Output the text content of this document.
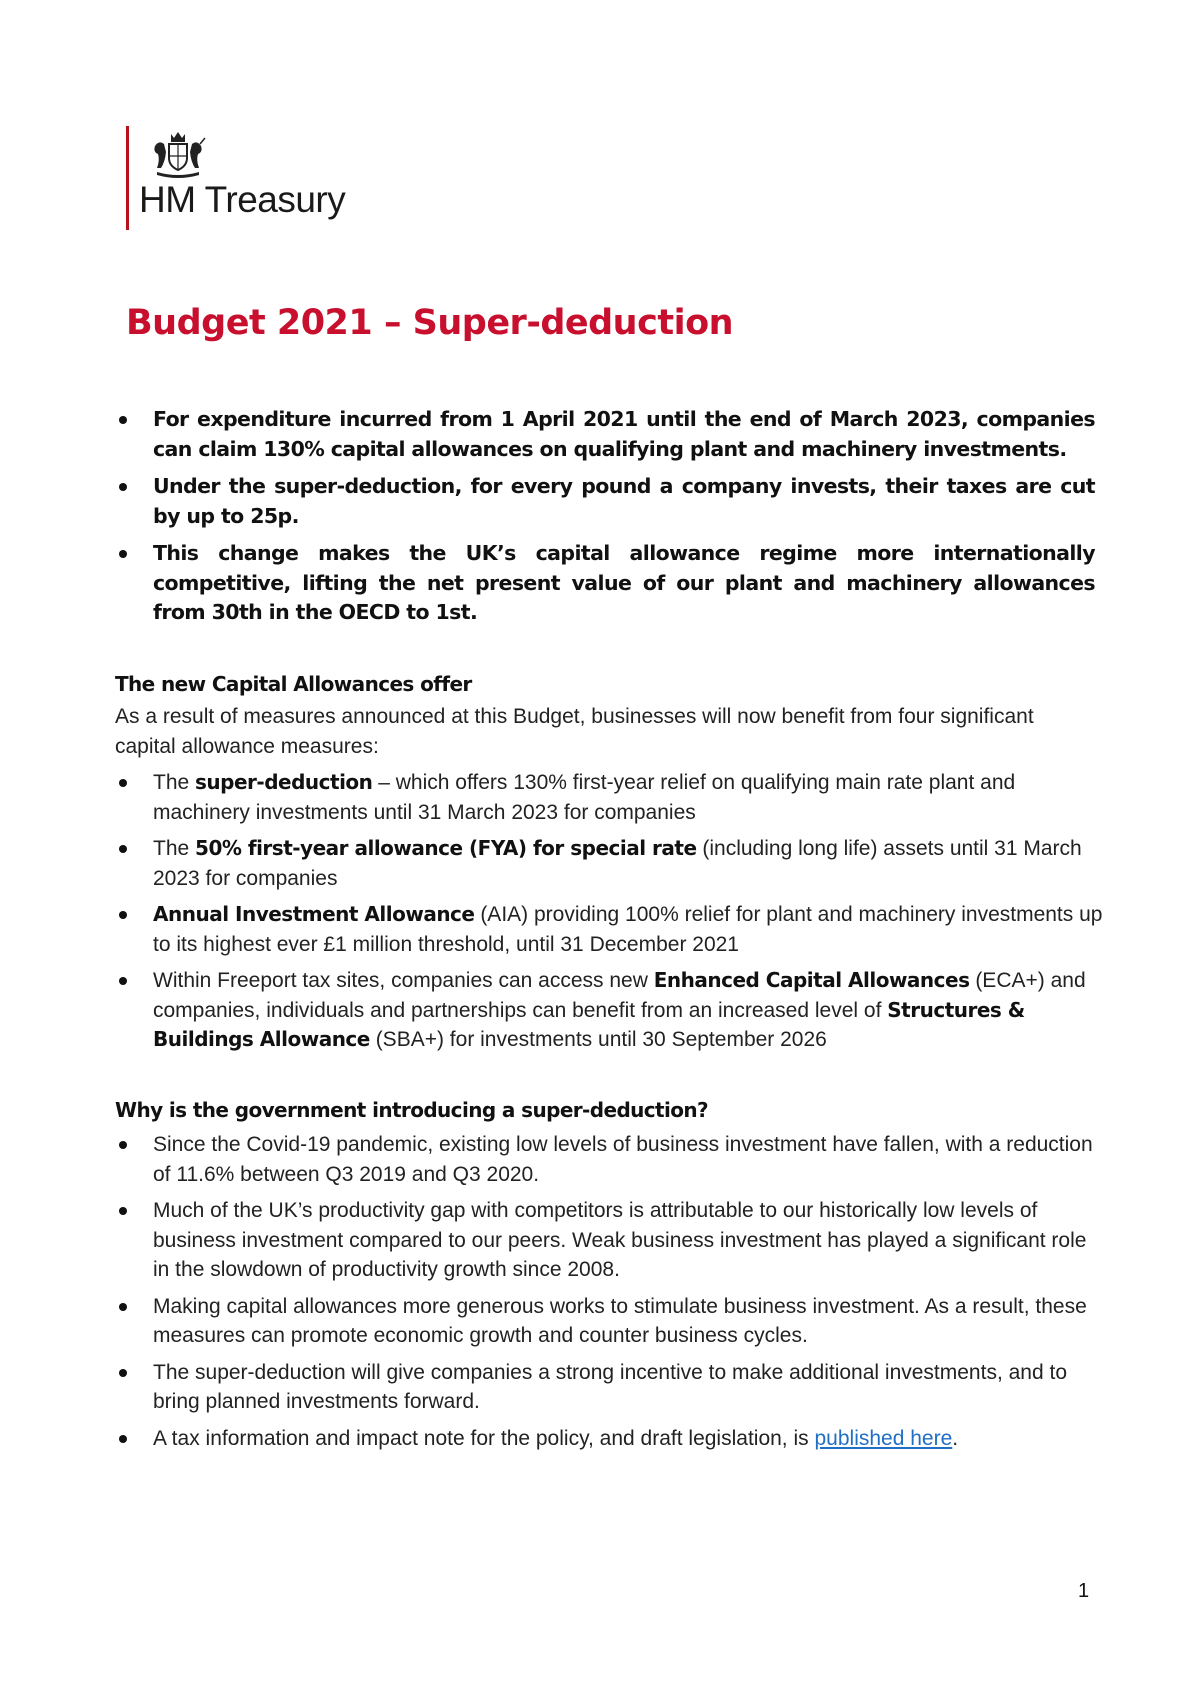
HM Treasury
Budget 2021 – Super-deduction
For expenditure incurred from 1 April 2021 until the end of March 2023, companies can claim 130% capital allowances on qualifying plant and machinery investments.
Under the super-deduction, for every pound a company invests, their taxes are cut by up to 25p.
This change makes the UK’s capital allowance regime more internationally competitive, lifting the net present value of our plant and machinery allowances from 30th in the OECD to 1st.
The new Capital Allowances offer

As a result of measures announced at this Budget, businesses will now benefit from four significant capital allowance measures:

The super-deduction – which offers 130% first-year relief on qualifying main rate plant and machinery investments until 31 March 2023 for companies
The 50% first-year allowance (FYA) for special rate (including long life) assets until 31 March 2023 for companies
Annual Investment Allowance (AIA) providing 100% relief for plant and machinery investments up to its highest ever £1 million threshold, until 31 December 2021
Within Freeport tax sites, companies can access new Enhanced Capital Allowances (ECA+) and companies, individuals and partnerships can benefit from an increased level of Structures & Buildings Allowance (SBA+) for investments until 30 September 2026
Why is the government introducing a super-deduction?
Since the Covid-19 pandemic, existing low levels of business investment have fallen, with a reduction of 11.6% between Q3 2019 and Q3 2020.
Much of the UK’s productivity gap with competitors is attributable to our historically low levels of business investment compared to our peers. Weak business investment has played a significant role in the slowdown of productivity growth since 2008.
Making capital allowances more generous works to stimulate business investment. As a result, these measures can promote economic growth and counter business cycles.
The super-deduction will give companies a strong incentive to make additional investments, and to bring planned investments forward.
A tax information and impact note for the policy, and draft legislation, is published here.
1
